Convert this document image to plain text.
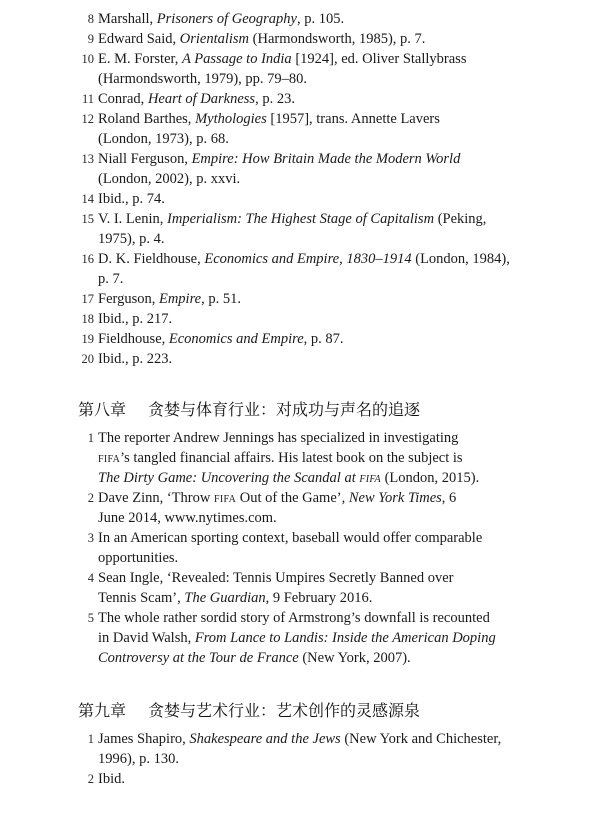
8 Marshall, Prisoners of Geography, p. 105.
9 Edward Said, Orientalism (Harmondsworth, 1985), p. 7.
10 E. M. Forster, A Passage to India [1924], ed. Oliver Stallybrass
(Harmondsworth, 1979), pp. 79–80.
11 Conrad, Heart of Darkness, p. 23.
12 Roland Barthes, Mythologies [1957], trans. Annette Lavers
(London, 1973), p. 68.
13 Niall Ferguson, Empire: How Britain Made the Modern World
(London, 2002), p. xxvi.
14 Ibid., p. 74.
15 V. I. Lenin, Imperialism: The Highest Stage of Capitalism (Peking,
1975), p. 4.
16 D. K. Fieldhouse, Economics and Empire, 1830–1914 (London, 1984),
p. 7.
17 Ferguson, Empire, p. 51.
18 Ibid., p. 217.
19 Fieldhouse, Economics and Empire, p. 87.
20 Ibid., p. 223.
第八章 贪婪与体育行业：对成功与声名的追逐
1 The reporter Andrew Jennings has specialized in investigating
fifa’s tangled financial affairs. His latest book on the subject is
The Dirty Game: Uncovering the Scandal at fifa (London, 2015).
2 Dave Zinn, ‘Throw fifa Out of the Game’, New York Times, 6
June 2014, www.nytimes.com.
3 In an American sporting context, baseball would offer comparable
opportunities.
4 Sean Ingle, ‘Revealed: Tennis Umpires Secretly Banned over
Tennis Scam’, The Guardian, 9 February 2016.
5 The whole rather sordid story of Armstrong’s downfall is recounted
in David Walsh, From Lance to Landis: Inside the American Doping
Controversy at the Tour de France (New York, 2007).
第九章 贪婪与艺术行业：艺术创作的灵感源泉
1 James Shapiro, Shakespeare and the Jews (New York and Chichester,
1996), p. 130.
2 Ibid.
